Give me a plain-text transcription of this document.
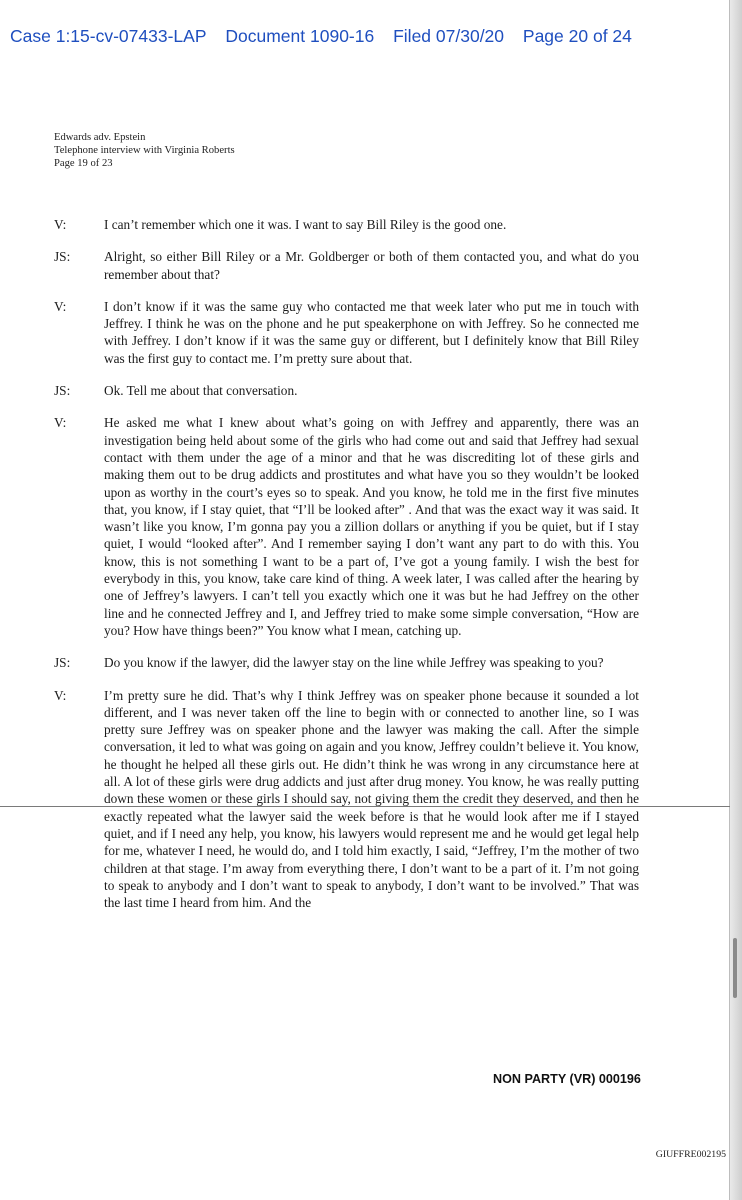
Case 1:15-cv-07433-LAP Document 1090-16 Filed 07/30/20 Page 20 of 24
Edwards adv. Epstein
Telephone interview with Virginia Roberts
Page 19 of 23
V:	I can’t remember which one it was. I want to say Bill Riley is the good one.
JS:	Alright, so either Bill Riley or a Mr. Goldberger or both of them contacted you, and what do you remember about that?
V:	I don’t know if it was the same guy who contacted me that week later who put me in touch with Jeffrey. I think he was on the phone and he put speakerphone on with Jeffrey. So he connected me with Jeffrey. I don’t know if it was the same guy or different, but I definitely know that Bill Riley was the first guy to contact me. I’m pretty sure about that.
JS:	Ok. Tell me about that conversation.
V:	He asked me what I knew about what’s going on with Jeffrey and apparently, there was an investigation being held about some of the girls who had come out and said that Jeffrey had sexual contact with them under the age of a minor and that he was discrediting lot of these girls and making them out to be drug addicts and prostitutes and what have you so they wouldn’t be looked upon as worthy in the court’s eyes so to speak. And you know, he told me in the first five minutes that, you know, if I stay quiet, that “I’ll be looked after” . And that was the exact way it was said. It wasn’t like you know, I’m gonna pay you a zillion dollars or anything if you be quiet, but if I stay quiet, I would “looked after”. And I remember saying I don’t want any part to do with this. You know, this is not something I want to be a part of, I’ve got a young family. I wish the best for everybody in this, you know, take care kind of thing. A week later, I was called after the hearing by one of Jeffrey’s lawyers. I can’t tell you exactly which one it was but he had Jeffrey on the other line and he connected Jeffrey and I, and Jeffrey tried to make some simple conversation, “How are you? How have things been?” You know what I mean, catching up.
JS:	Do you know if the lawyer, did the lawyer stay on the line while Jeffrey was speaking to you?
V:	I’m pretty sure he did. That’s why I think Jeffrey was on speaker phone because it sounded a lot different, and I was never taken off the line to begin with or connected to another line, so I was pretty sure Jeffrey was on speaker phone and the lawyer was making the call. After the simple conversation, it led to what was going on again and you know, Jeffrey couldn’t believe it. You know, he thought he helped all these girls out. He didn’t think he was wrong in any circumstance here at all. A lot of these girls were drug addicts and just after drug money. You know, he was really putting down these women or these girls I should say, not giving them the credit they deserved, and then he exactly repeated what the lawyer said the week before is that he would look after me if I stayed quiet, and if I need any help, you know, his lawyers would represent me and he would get legal help for me, whatever I need, he would do, and I told him exactly, I said, “Jeffrey, I’m the mother of two children at that stage. I’m away from everything there, I don’t want to be a part of it. I’m not going to speak to anybody and I don’t want to speak to anybody, I don’t want to be involved.” That was the last time I heard from him. And the
NON PARTY (VR) 000196
GIUFFRE002195
